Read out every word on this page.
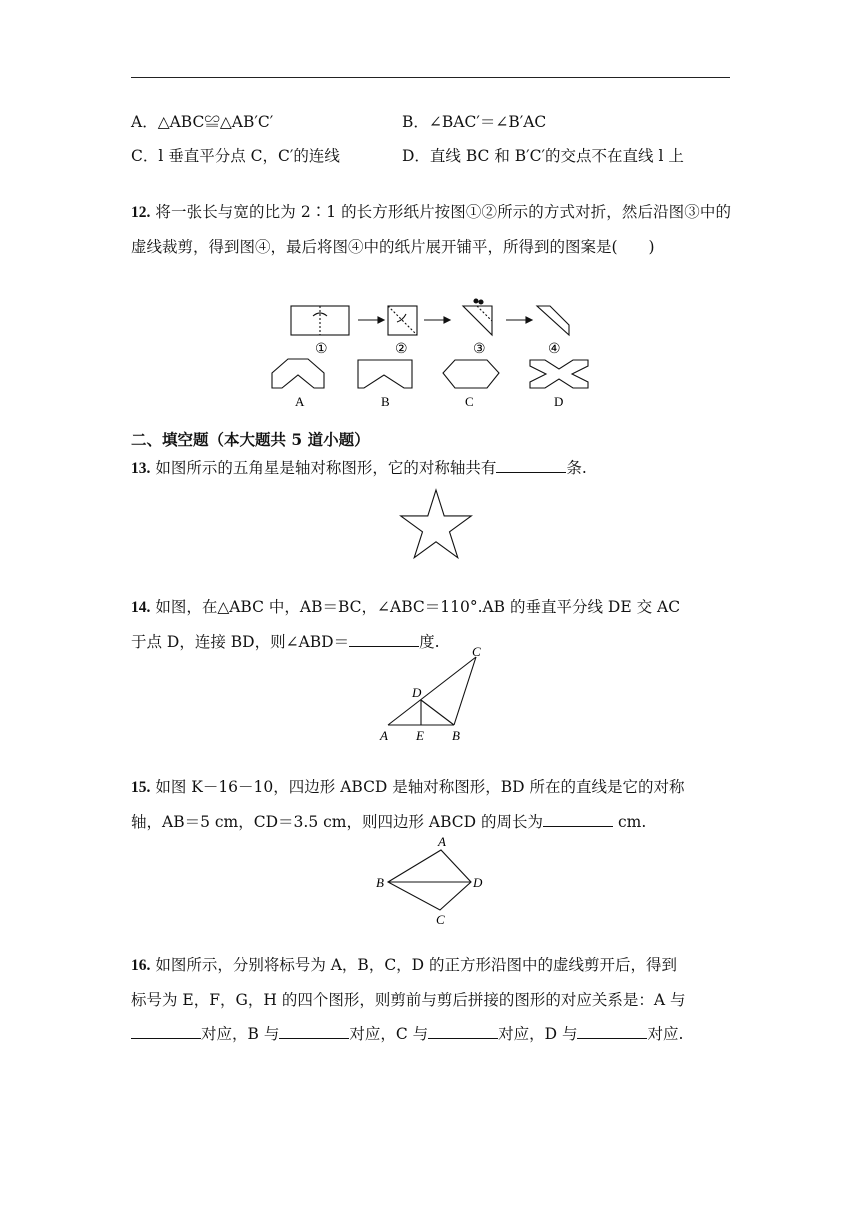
A．△ABC≌△AB′C′	B．∠BAC′＝∠B′AC
C．l 垂直平分点 C，C′的连线	D．直线 BC 和 B′C′的交点不在直线 l 上
12. 将一张长与宽的比为 2∶1 的长方形纸片按图①②所示的方式对折，然后沿图③中的虚线裁剪，得到图④，最后将图④中的纸片展开铺平，所得到的图案是(　　)
①	②	③	④
A	B	C	D
二、填空题（本大题共 5 道小题）
13. 如图所示的五角星是轴对称图形，它的对称轴共有	条.
14. 如图，在△ABC 中，AB＝BC，∠ABC＝110°.AB 的垂直平分线 DE 交 AC
于点 D，连接 BD，则∠ABD＝	度.
A E B
C
D
15. 如图 K－16－10，四边形 ABCD 是轴对称图形，BD 所在的直线是它的对称
轴，AB＝5 cm，CD＝3.5 cm，则四边形 ABCD 的周长为	cm.
A
B	D
C
16. 如图所示，分别将标号为 A，B，C，D 的正方形沿图中的虚线剪开后，得到
标号为 E，F，G，H 的四个图形，则剪前与剪后拼接的图形的对应关系是：A 与
对应，B 与	对应，C 与	对应，D 与	对应.
